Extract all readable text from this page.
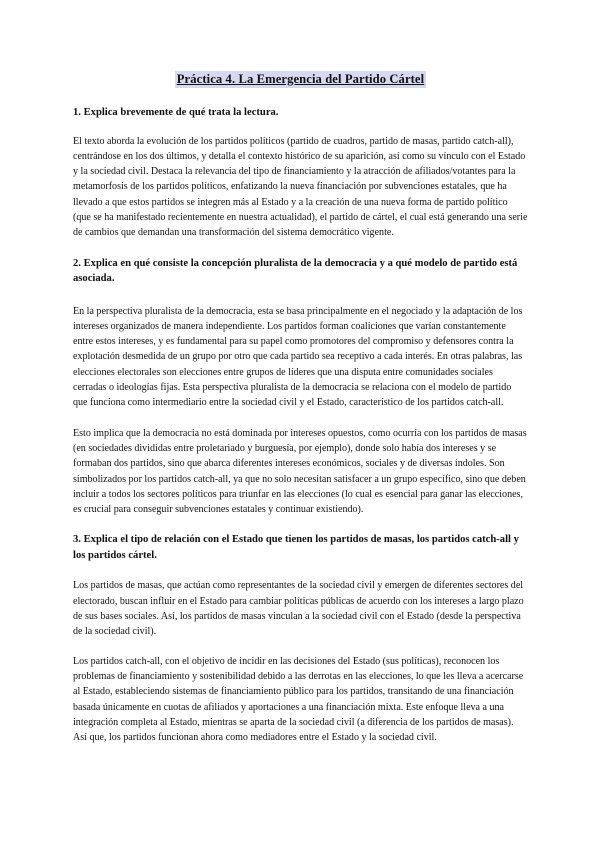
Práctica 4. La Emergencia del Partido Cártel
1. Explica brevemente de qué trata la lectura.

El texto aborda la evolución de los partidos políticos (partido de cuadros, partido de masas, partido catch-all), centrándose en los dos últimos, y detalla el contexto histórico de su aparición, así como su vínculo con el Estado y la sociedad civil. Destaca la relevancia del tipo de financiamiento y la atracción de afiliados/votantes para la metamorfosis de los partidos políticos, enfatizando la nueva financiación por subvenciones estatales, que ha llevado a que estos partidos se integren más al Estado y a la creación de una nueva forma de partido político (que se ha manifestado recientemente en nuestra actualidad), el partido de cártel, el cual está generando una serie de cambios que demandan una transformación del sistema democrático vigente.

2. Explica en qué consiste la concepción pluralista de la democracia y a qué modelo de partido está asociada.

En la perspectiva pluralista de la democracia, esta se basa principalmente en el negociado y la adaptación de los intereses organizados de manera independiente. Los partidos forman coaliciones que varían constantemente entre estos intereses, y es fundamental para su papel como promotores del compromiso y defensores contra la explotación desmedida de un grupo por otro que cada partido sea receptivo a cada interés. En otras palabras, las elecciones electorales son elecciones entre grupos de líderes que una disputa entre comunidades sociales cerradas o ideologías fijas. Esta perspectiva pluralista de la democracia se relaciona con el modelo de partido que funciona como intermediario entre la sociedad civil y el Estado, característico de los partidos catch-all.

Esto implica que la democracia no está dominada por intereses opuestos, como ocurría con los partidos de masas (en sociedades divididas entre proletariado y burguesía, por ejemplo), donde solo había dos intereses y se formaban dos partidos, sino que abarca diferentes intereses económicos, sociales y de diversas índoles. Son simbolizados por los partidos catch-all, ya que no solo necesitan satisfacer a un grupo específico, sino que deben incluir a todos los sectores políticos para triunfar en las elecciones (lo cual es esencial para ganar las elecciones, es crucial para conseguir subvenciones estatales y continuar existiendo).

3. Explica el tipo de relación con el Estado que tienen los partidos de masas, los partidos catch-all y los partidos cártel.

Los partidos de masas, que actúan como representantes de la sociedad civil y emergen de diferentes sectores del electorado, buscan influir en el Estado para cambiar políticas públicas de acuerdo con los intereses a largo plazo de sus bases sociales. Así, los partidos de masas vinculan a la sociedad civil con el Estado (desde la perspectiva de la sociedad civil).

Los partidos catch-all, con el objetivo de incidir en las decisiones del Estado (sus políticas), reconocen los problemas de financiamiento y sostenibilidad debido a las derrotas en las elecciones, lo que les lleva a acercarse al Estado, estableciendo sistemas de financiamiento público para los partidos, transitando de una financiación basada únicamente en cuotas de afiliados y aportaciones a una financiación mixta. Este enfoque lleva a una integración completa al Estado, mientras se aparta de la sociedad civil (a diferencia de los partidos de masas). Así que, los partidos funcionan ahora como mediadores entre el Estado y la sociedad civil.
